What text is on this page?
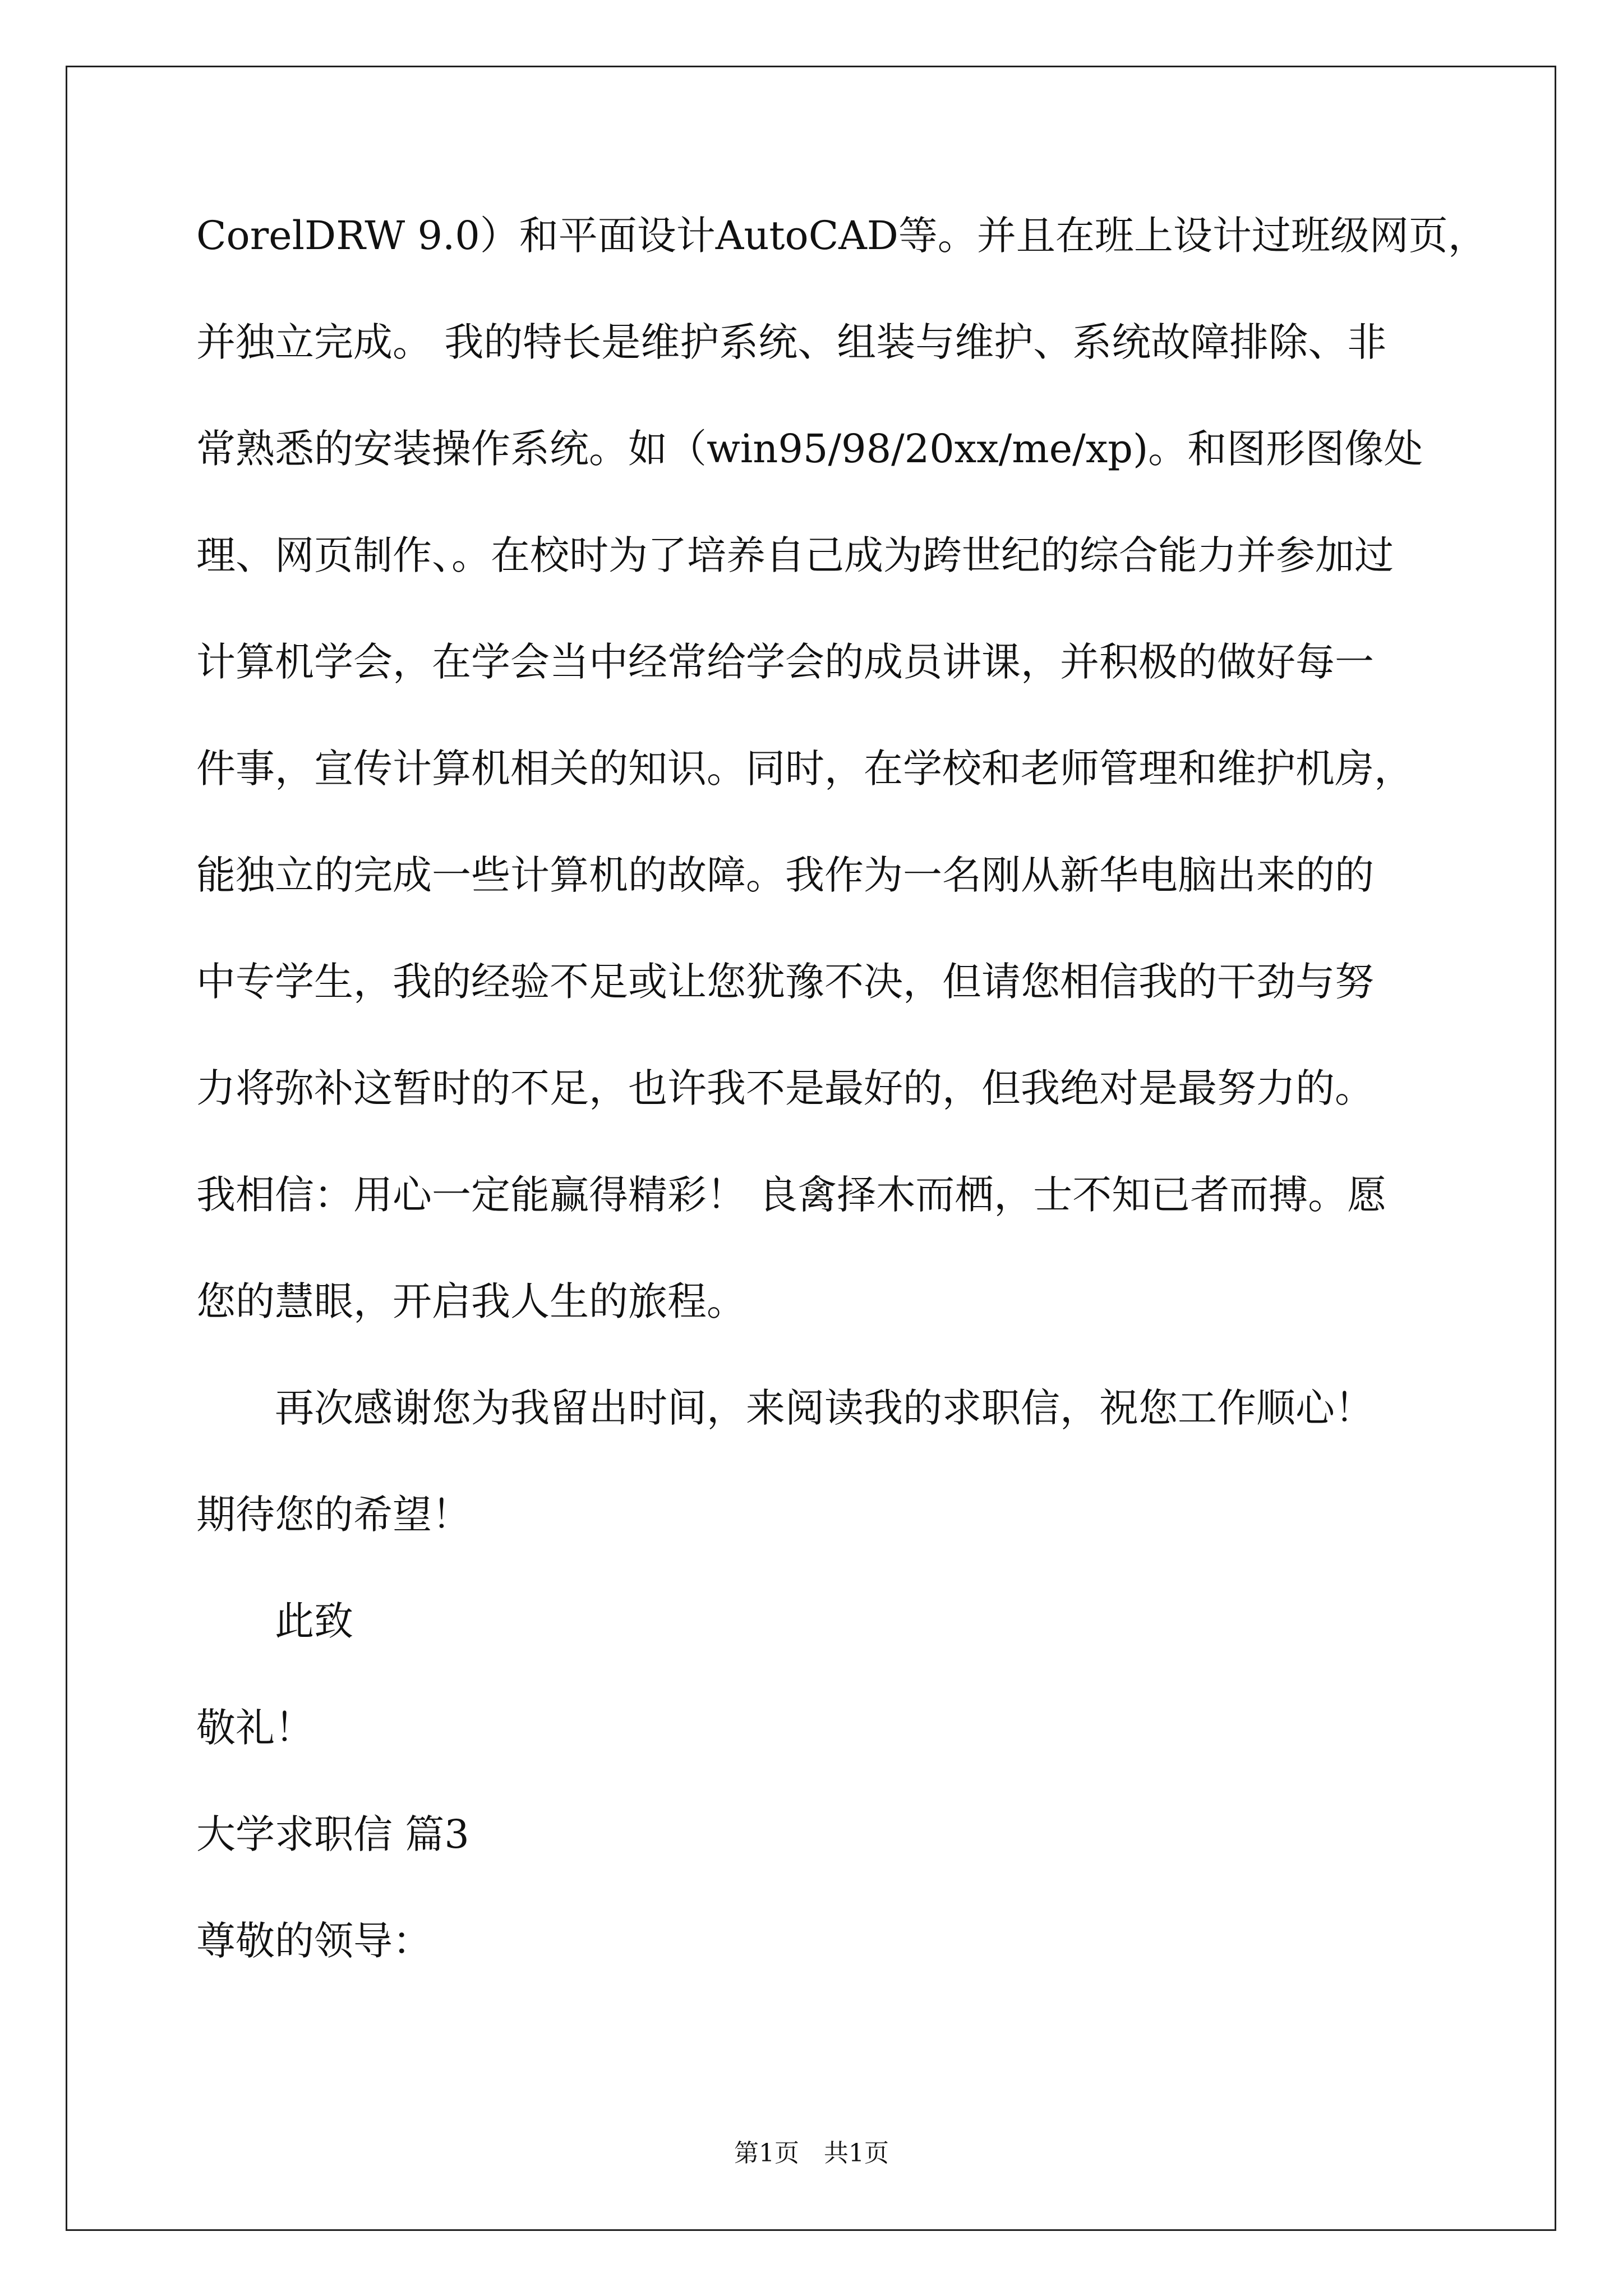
CorelDRW 9.0）和平面设计AutoCAD等。并且在班上设计过班级网页，
并独立完成。 我的特长是维护系统、组装与维护、系统故障排除、非
常熟悉的安装操作系统。如（win95/98/20xx/me/xp)。和图形图像处
理、网页制作、。在校时为了培养自己成为跨世纪的综合能力并参加过
计算机学会，在学会当中经常给学会的成员讲课，并积极的做好每一
件事，宣传计算机相关的知识。同时，在学校和老师管理和维护机房，
能独立的完成一些计算机的故障。我作为一名刚从新华电脑出来的的
中专学生，我的经验不足或让您犹豫不决，但请您相信我的干劲与努
力将弥补这暂时的不足，也许我不是最好的，但我绝对是最努力的。
我相信：用心一定能赢得精彩！ 良禽择木而栖，士不知已者而搏。愿
您的慧眼，开启我人生的旅程。
再次感谢您为我留出时间，来阅读我的求职信，祝您工作顺心！
期待您的希望！
此致
敬礼！
大学求职信 篇3
尊敬的领导：
第1页　共1页
